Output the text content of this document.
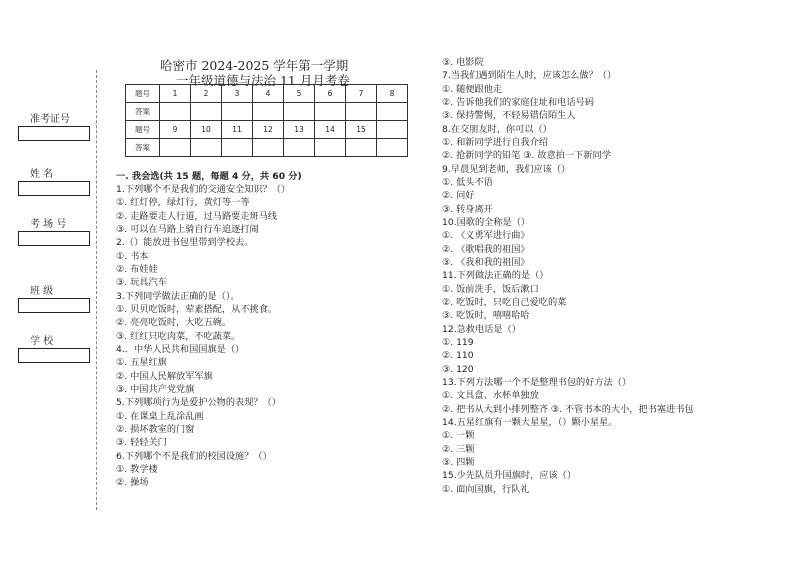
准考证号
姓 名
考 场 号
班 级
学 校
哈密市 2024-2025 学年第一学期
一年级道德与法治 11 月月考卷
题号	1	2	3	4	5	6	7	8
答案								
题号	9	10	11	12	13	14	15	
答案								
一. 我会选(共 15 题，每题 4 分，共 60 分)
1.下列哪个不是我们的交通安全知识？（）
①. 红灯停，绿灯行，黄灯等一等
②. 走路要走人行道，过马路要走斑马线
③. 可以在马路上骑自行车追逐打闹
2.（）能放进书包里带到学校去。
①. 书本
②. 布娃娃
③. 玩具汽车
3.下列同学做法正确的是（）。
①. 贝贝吃饭时，荤素搭配，从不挑食。
②. 亮亮吃饭时，大吃五碗。
③. 红红只吃肉菜，不吃蔬菜。
4.．中华人民共和国国旗是（）
①. 五星红旗
②. 中国人民解放军军旗
③. 中国共产党党旗
5.下列哪项行为是爱护公物的表现？（）
①. 在课桌上乱涂乱画
②. 损坏教室的门窗
③. 轻轻关门
6.下列哪个不是我们的校园设施？（）
①. 教学楼
②. 操场
③. 电影院
7.当我们遇到陌生人时，应该怎么做？（）
①. 随便跟他走
②. 告诉他我们的家庭住址和电话号码
③. 保持警惕，不轻易错信陌生人
8.在交朋友时，你可以（）
①. 和新同学进行自我介绍
②. 抢新同学的铅笔 ③. 故意拍一下新同学
9.早晨见到老师，我们应该（）
①. 低头不语
②. 问好
③. 转身离开
10.国歌的全称是（）
①. 《义勇军进行曲》
②. 《歌唱我的祖国》
③. 《我和我的祖国》
11.下列做法正确的是（）
①. 饭前洗手，饭后漱口
②. 吃饭时，只吃自己爱吃的菜
③. 吃饭时，嘻嘻哈哈
12.急救电话是（）
①. 119
②. 110
③. 120
13.下列方法哪一个不是整理书包的好方法（）
①. 文具盒、水杯单独放
②. 把书从大到小排列整齐 ③. 不管书本的大小，把书塞进书包
14.五星红旗有一颗大星星，（）颗小星星。
①. 一颗
②. 三颗
③. 四颗
15.少先队员升国旗时，应该（）
①. 面向国旗，行队礼
